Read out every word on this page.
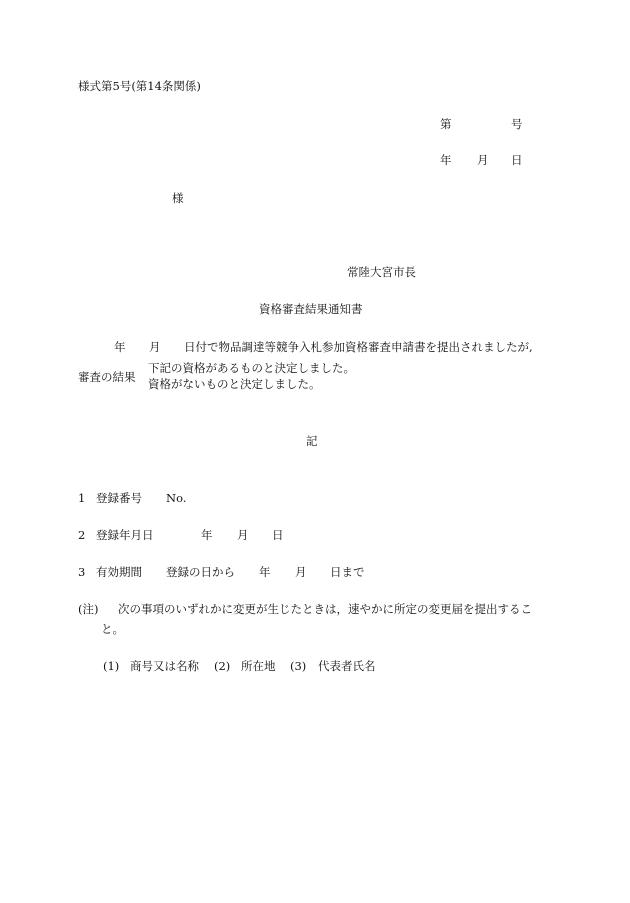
様式第5号(第14条関係)
第	号
年 月 日
様
常陸大宮市長
資格審査結果通知書
年 月 日付で物品調達等競争入札参加資格審査申請書を提出されましたが,
審査の結果
下記の資格があるものと決定しました。
資格がないものと決定しました。
記
1 登録番号 No.
2 登録年月日	年 月 日
3 有効期間 登録の日から 年 月 日まで
(注) 次の事項のいずれかに変更が生じたときは，速やかに所定の変更届を提出するこ
と。
(1) 商号又は名称 (2) 所在地 (3) 代表者氏名
